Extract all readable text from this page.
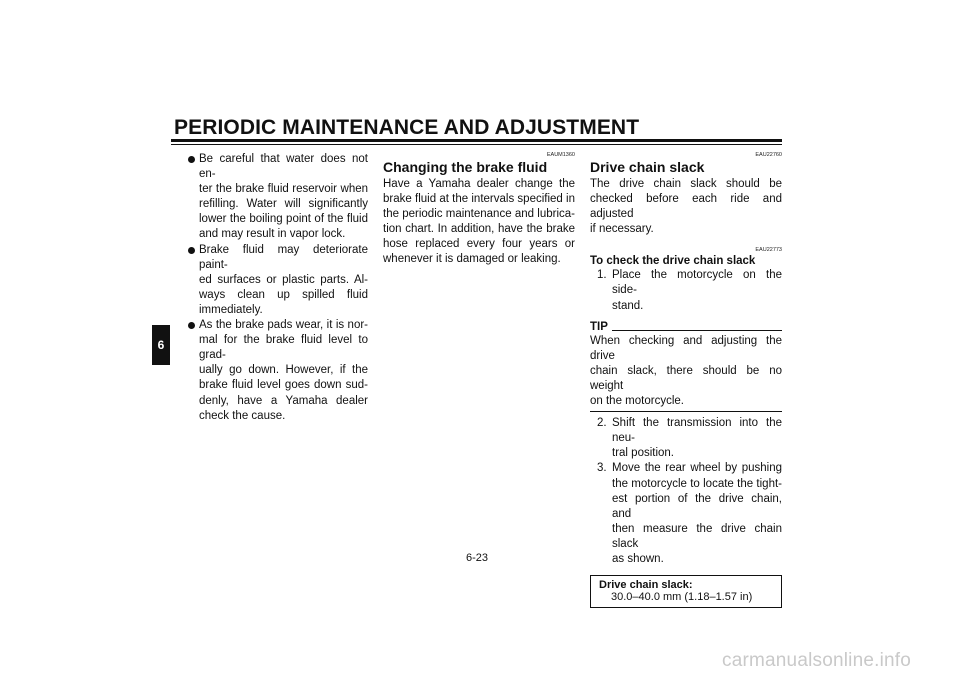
PERIODIC MAINTENANCE AND ADJUSTMENT
6
Be careful that water does not en-
ter the brake fluid reservoir when
refilling. Water will significantly
lower the boiling point of the fluid
and may result in vapor lock.
Brake fluid may deteriorate paint-
ed surfaces or plastic parts. Al-
ways clean up spilled fluid
immediately.
As the brake pads wear, it is nor-
mal for the brake fluid level to grad-
ually go down. However, if the
brake fluid level goes down sud-
denly, have a Yamaha dealer
check the cause.
EAUM1360
Changing the brake fluid
Have a Yamaha dealer change the
brake fluid at the intervals specified in
the periodic maintenance and lubrica-
tion chart. In addition, have the brake
hose replaced every four years or
whenever it is damaged or leaking.
EAU22760
Drive chain slack
The drive chain slack should be
checked before each ride and adjusted
if necessary.
EAU22773
To check the drive chain slack
1. Place the motorcycle on the side-
stand.
TIP
When checking and adjusting the drive
chain slack, there should be no weight
on the motorcycle.
2. Shift the transmission into the neu-
tral position.
3. Move the rear wheel by pushing
the motorcycle to locate the tight-
est portion of the drive chain, and
then measure the drive chain slack
as shown.
Drive chain slack:
30.0–40.0 mm (1.18–1.57 in)
6-23
carmanualsonline.info
